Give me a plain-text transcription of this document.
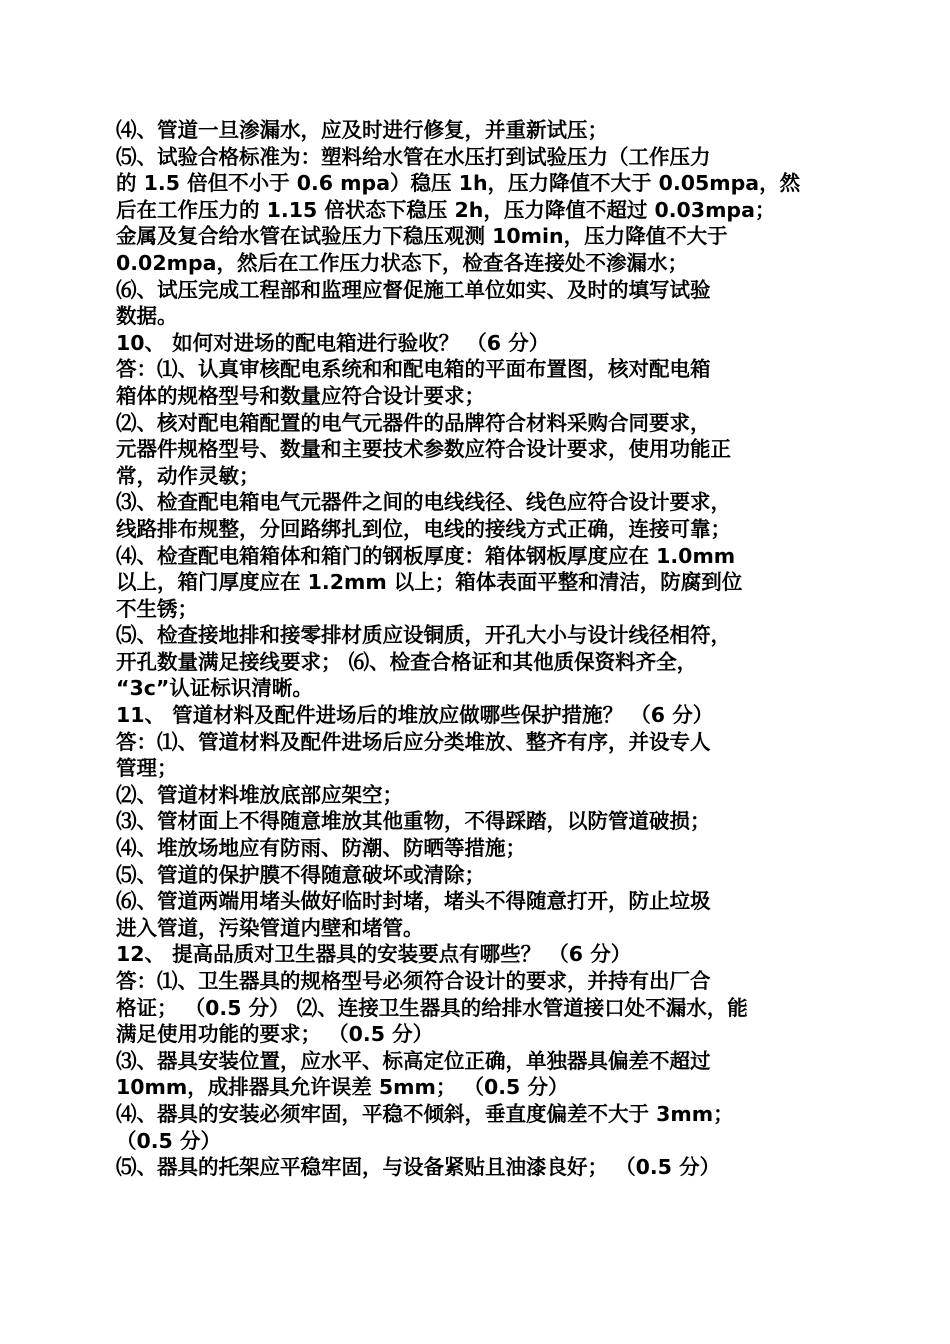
⑷、管道一旦渗漏水，应及时进行修复，并重新试压；
⑸、试验合格标准为：塑料给水管在水压打到试验压力（工作压力
的 1.5 倍但不小于 0.6 mpa）稳压 1h，压力降值不大于 0.05mpa，然
后在工作压力的 1.15 倍状态下稳压 2h，压力降值不超过 0.03mpa；
金属及复合给水管在试验压力下稳压观测 10min，压力降值不大于
0.02mpa，然后在工作压力状态下，检查各连接处不渗漏水；
⑹、试压完成工程部和监理应督促施工单位如实、及时的填写试验
数据。
10、 如何对进场的配电箱进行验收？ （6 分）
答：⑴、认真审核配电系统和和配电箱的平面布置图，核对配电箱
箱体的规格型号和数量应符合设计要求；
⑵、核对配电箱配置的电气元器件的品牌符合材料采购合同要求，
元器件规格型号、数量和主要技术参数应符合设计要求，使用功能正
常，动作灵敏；
⑶、检查配电箱电气元器件之间的电线线径、线色应符合设计要求，
线路排布规整，分回路绑扎到位，电线的接线方式正确，连接可靠；
⑷、检查配电箱箱体和箱门的钢板厚度：箱体钢板厚度应在 1.0mm
以上，箱门厚度应在 1.2mm 以上；箱体表面平整和清洁，防腐到位
不生锈；
⑸、检查接地排和接零排材质应设铜质，开孔大小与设计线径相符，
开孔数量满足接线要求； ⑹、检查合格证和其他质保资料齐全，
“3c”认证标识清晰。
11、 管道材料及配件进场后的堆放应做哪些保护措施？ （6 分）
答：⑴、管道材料及配件进场后应分类堆放、整齐有序，并设专人
管理；
⑵、管道材料堆放底部应架空；
⑶、管材面上不得随意堆放其他重物，不得踩踏，以防管道破损；
⑷、堆放场地应有防雨、防潮、防晒等措施；
⑸、管道的保护膜不得随意破坏或清除；
⑹、管道两端用堵头做好临时封堵，堵头不得随意打开，防止垃圾
进入管道，污染管道内壁和堵管。
12、 提高品质对卫生器具的安装要点有哪些？ （6 分）
答：⑴、卫生器具的规格型号必须符合设计的要求，并持有出厂合
格证； （0.5 分） ⑵、连接卫生器具的给排水管道接口处不漏水，能
满足使用功能的要求； （0.5 分）
⑶、器具安装位置，应水平、标高定位正确，单独器具偏差不超过
10mm，成排器具允许误差 5mm； （0.5 分）
⑷、器具的安装必须牢固，平稳不倾斜，垂直度偏差不大于 3mm；
（0.5 分）
⑸、器具的托架应平稳牢固，与设备紧贴且油漆良好； （0.5 分）
